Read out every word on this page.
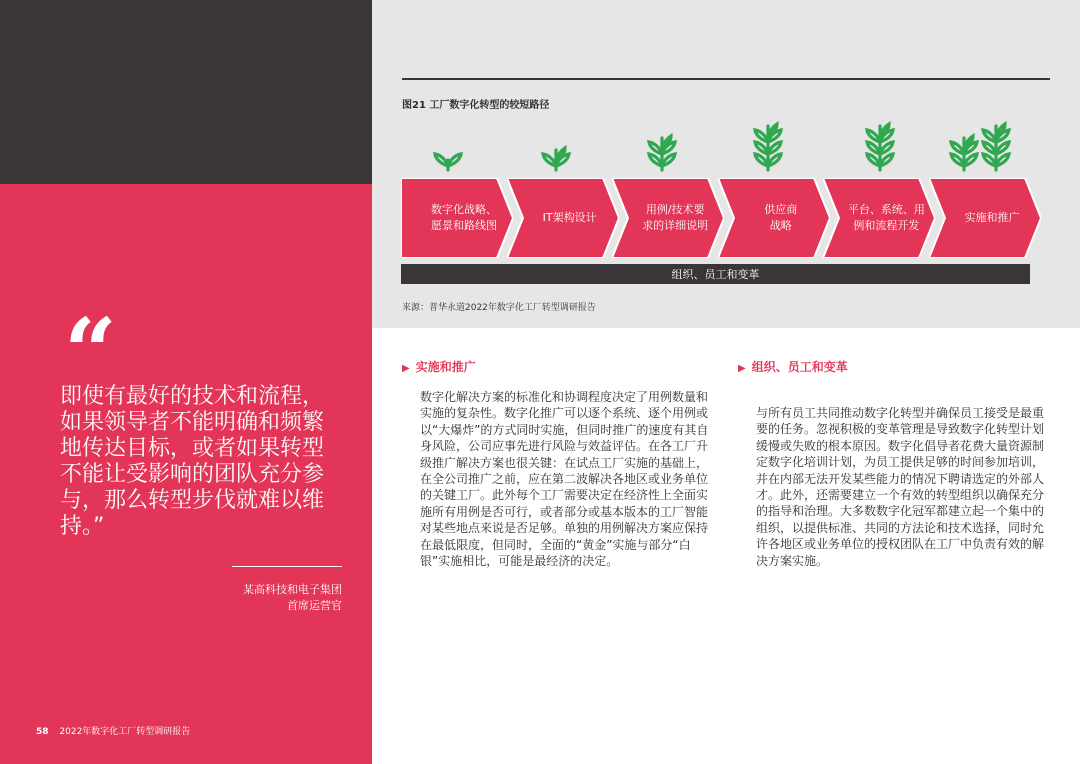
“
即使有最好的技术和流程，如果领导者不能明确和频繁地传达目标，或者如果转型不能让受影响的团队充分参与，那么转型步伐就难以维持。”
某高科技和电子集团
首席运营官
58 2022年数字化工厂转型调研报告
图21 工厂数字化转型的较短路径
数字化战略、
愿景和路线图
IT架构设计
用例/技术要
求的详细说明
供应商
战略
平台、系统、用
例和流程开发
实施和推广
组织、员工和变革
来源：普华永道2022年数字化工厂转型调研报告
▶ 实施和推广
数字化解决方案的标准化和协调程度决定了用例数量和实施的复杂性。数字化推广可以逐个系统、逐个用例或以“大爆炸”的方式同时实施，但同时推广的速度有其自身风险，公司应事先进行风险与效益评估。在各工厂升级推广解决方案也很关键：在试点工厂实施的基础上，在全公司推广之前，应在第二波解决各地区或业务单位的关键工厂。此外每个工厂需要决定在经济性上全面实施所有用例是否可行，或者部分或基本版本的工厂智能对某些地点来说是否足够。单独的用例解决方案应保持在最低限度，但同时，全面的“黄金”实施与部分“白银”实施相比，可能是最经济的决定。
▶ 组织、员工和变革
与所有员工共同推动数字化转型并确保员工接受是最重要的任务。忽视积极的变革管理是导致数字化转型计划缓慢或失败的根本原因。数字化倡导者花费大量资源制定数字化培训计划，为员工提供足够的时间参加培训，并在内部无法开发某些能力的情况下聘请选定的外部人才。此外，还需要建立一个有效的转型组织以确保充分的指导和治理。大多数数字化冠军都建立起一个集中的组织，以提供标准、共同的方法论和技术选择，同时允许各地区或业务单位的授权团队在工厂中负责有效的解决方案实施。
